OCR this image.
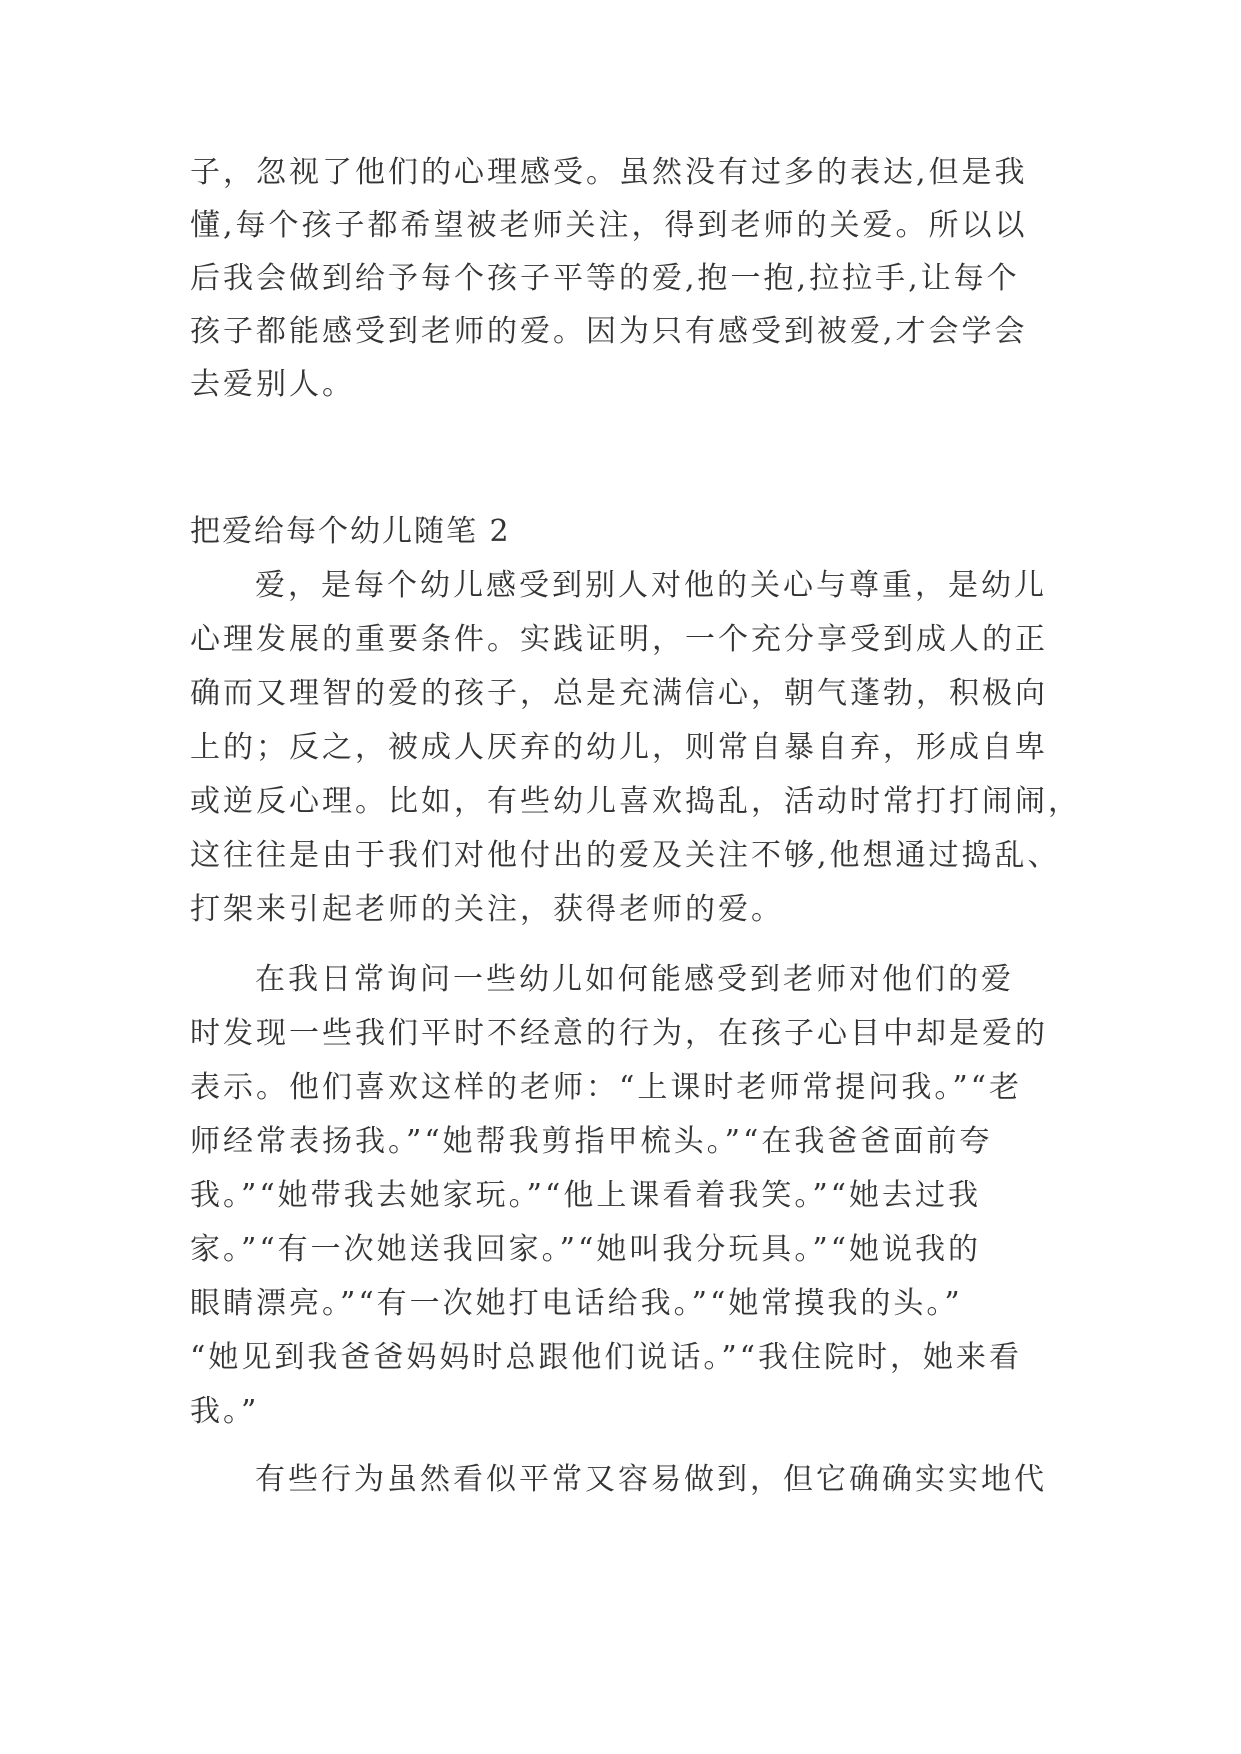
子，忽视了他们的心理感受。虽然没有过多的表达,但是我
懂,每个孩子都希望被老师关注，得到老师的关爱。所以以
后我会做到给予每个孩子平等的爱,抱一抱,拉拉手,让每个
孩子都能感受到老师的爱。因为只有感受到被爱,才会学会
去爱别人。
把爱给每个幼儿随笔 2
爱，是每个幼儿感受到别人对他的关心与尊重，是幼儿
心理发展的重要条件。实践证明，一个充分享受到成人的正
确而又理智的爱的孩子，总是充满信心，朝气蓬勃，积极向
上的；反之，被成人厌弃的幼儿，则常自暴自弃，形成自卑
或逆反心理。比如，有些幼儿喜欢捣乱，活动时常打打闹闹，
这往往是由于我们对他付出的爱及关注不够,他想通过捣乱、
打架来引起老师的关注，获得老师的爱。
在我日常询问一些幼儿如何能感受到老师对他们的爱
时发现一些我们平时不经意的行为，在孩子心目中却是爱的
表示。他们喜欢这样的老师：“上课时老师常提问我。”“老
师经常表扬我。”“她帮我剪指甲梳头。”“在我爸爸面前夸
我。”“她带我去她家玩。”“他上课看着我笑。”“她去过我
家。”“有一次她送我回家。”“她叫我分玩具。”“她说我的
眼睛漂亮。”“有一次她打电话给我。”“她常摸我的头。”
“她见到我爸爸妈妈时总跟他们说话。”“我住院时，她来看
我。”
有些行为虽然看似平常又容易做到，但它确确实实地代
